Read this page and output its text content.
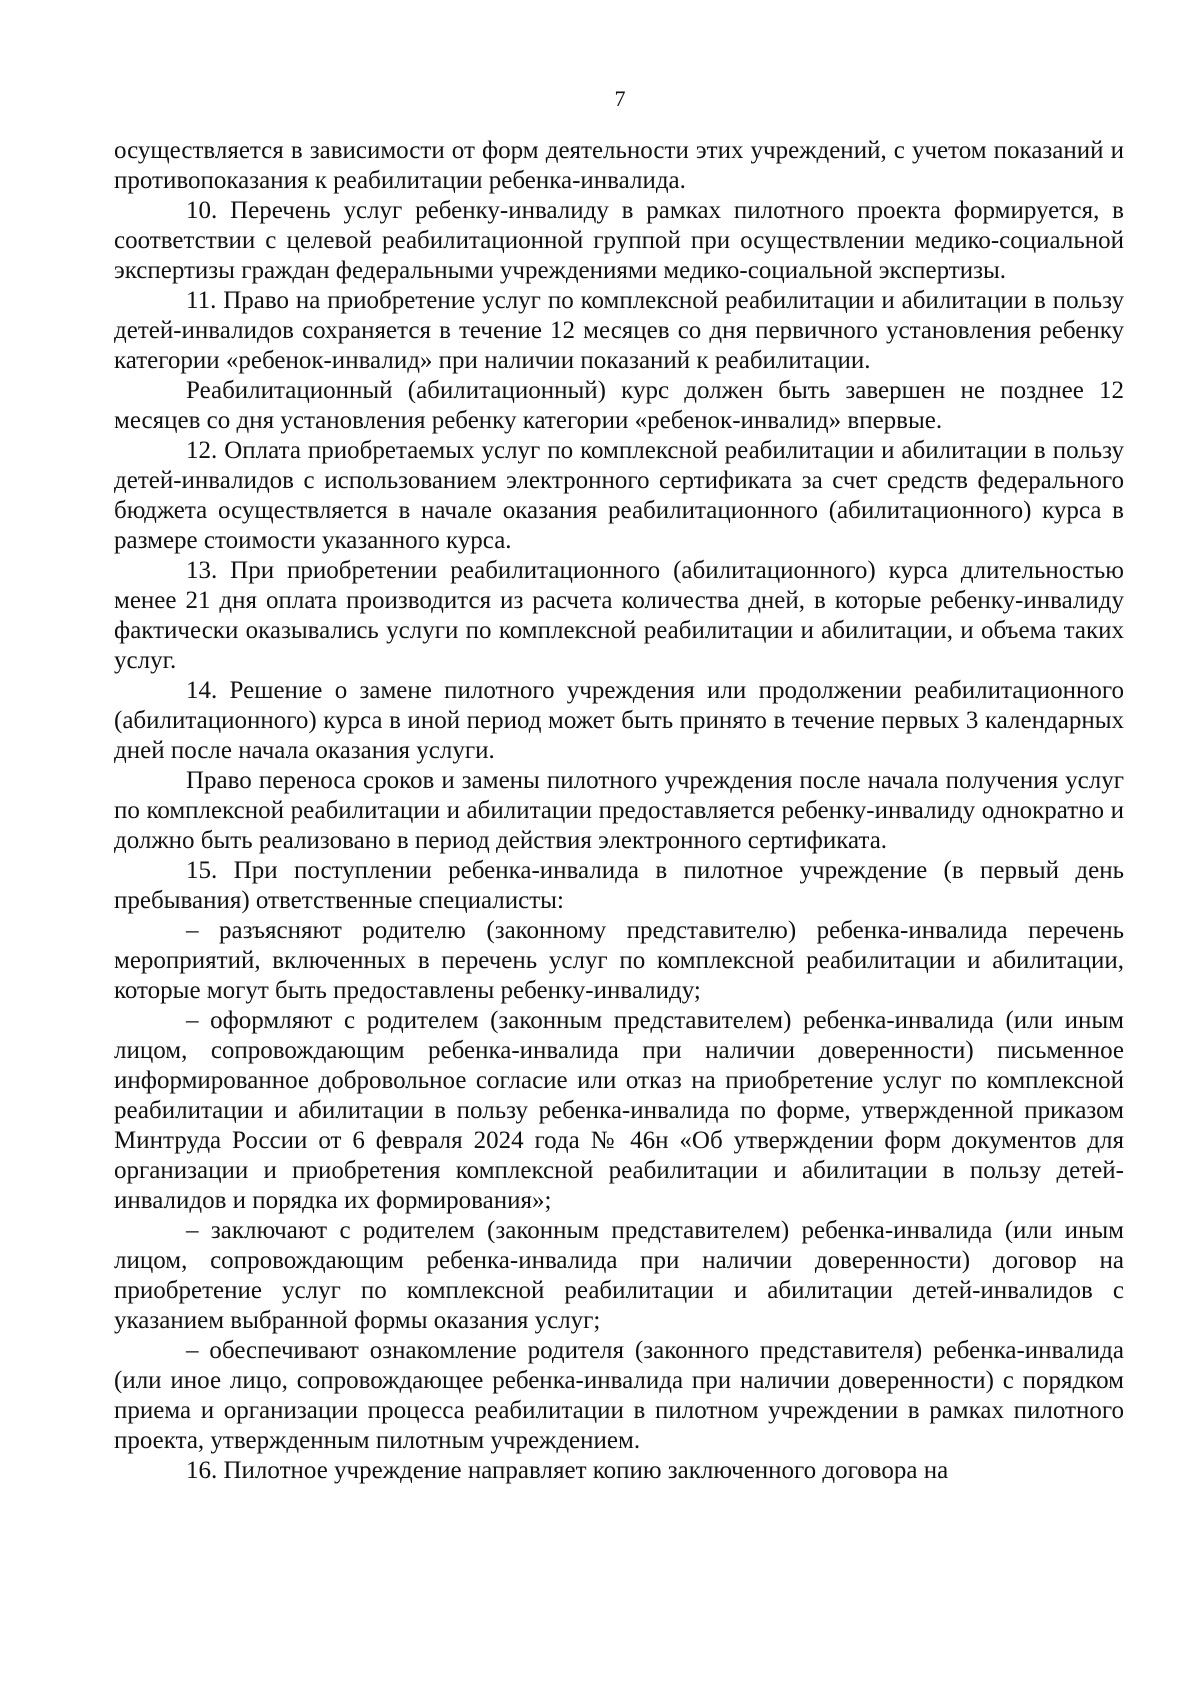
7

осуществляется в зависимости от форм деятельности этих учреждений, с учетом показаний и противопоказания к реабилитации ребенка-инвалида.

10. Перечень услуг ребенку-инвалиду в рамках пилотного проекта формируется, в соответствии с целевой реабилитационной группой при осуществлении медико-социальной экспертизы граждан федеральными учреждениями медико-социальной экспертизы.

11. Право на приобретение услуг по комплексной реабилитации и абилитации в пользу детей-инвалидов сохраняется в течение 12 месяцев со дня первичного установления ребенку категории «ребенок-инвалид» при наличии показаний к реабилитации.

Реабилитационный (абилитационный) курс должен быть завершен не позднее 12 месяцев со дня установления ребенку категории «ребенок-инвалид» впервые.

12. Оплата приобретаемых услуг по комплексной реабилитации и абилитации в пользу детей-инвалидов с использованием электронного сертификата за счет средств федерального бюджета осуществляется в начале оказания реабилитационного (абилитационного) курса в размере стоимости указанного курса.

13. При приобретении реабилитационного (абилитационного) курса длительностью менее 21 дня оплата производится из расчета количества дней, в которые ребенку-инвалиду фактически оказывались услуги по комплексной реабилитации и абилитации, и объема таких услуг.

14. Решение о замене пилотного учреждения или продолжении реабилитационного (абилитационного) курса в иной период может быть принято в течение первых 3 календарных дней после начала оказания услуги.

Право переноса сроков и замены пилотного учреждения после начала получения услуг по комплексной реабилитации и абилитации предоставляется ребенку-инвалиду однократно и должно быть реализовано в период действия электронного сертификата.

15. При поступлении ребенка-инвалида в пилотное учреждение (в первый день пребывания) ответственные специалисты:

– разъясняют родителю (законному представителю) ребенка-инвалида перечень мероприятий, включенных в перечень услуг по комплексной реабилитации и абилитации, которые могут быть предоставлены ребенку-инвалиду;

– оформляют с родителем (законным представителем) ребенка-инвалида (или иным лицом, сопровождающим ребенка-инвалида при наличии доверенности) письменное информированное добровольное согласие или отказ на приобретение услуг по комплексной реабилитации и абилитации в пользу ребенка-инвалида по форме, утвержденной приказом Минтруда России от 6 февраля 2024 года № 46н «Об утверждении форм документов для организации и приобретения комплексной реабилитации и абилитации в пользу детей-инвалидов и порядка их формирования»;

– заключают с родителем (законным представителем) ребенка-инвалида (или иным лицом, сопровождающим ребенка-инвалида при наличии доверенности) договор на приобретение услуг по комплексной реабилитации и абилитации детей-инвалидов с указанием выбранной формы оказания услуг;

– обеспечивают ознакомление родителя (законного представителя) ребенка-инвалида (или иное лицо, сопровождающее ребенка-инвалида при наличии доверенности) с порядком приема и организации процесса реабилитации в пилотном учреждении в рамках пилотного проекта, утвержденным пилотным учреждением.

16. Пилотное учреждение направляет копию заключенного договора на
